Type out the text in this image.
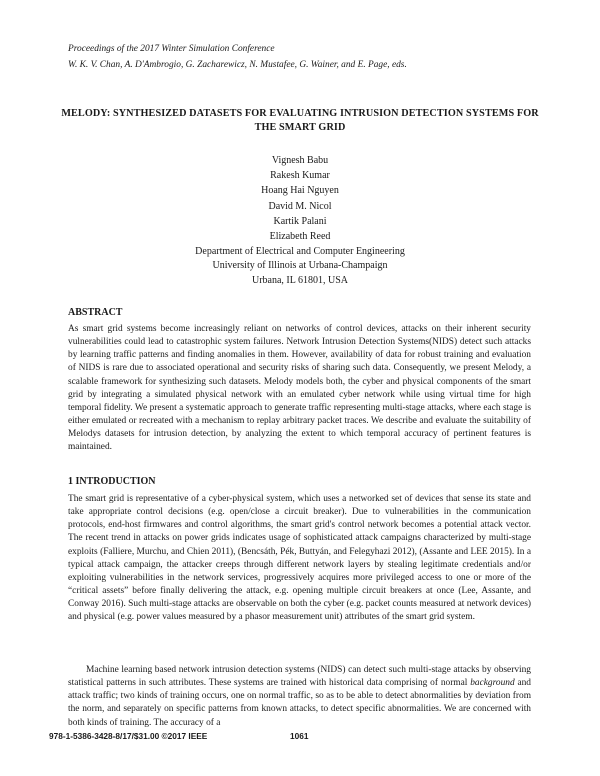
Proceedings of the 2017 Winter Simulation Conference
W. K. V. Chan, A. D'Ambrogio, G. Zacharewicz, N. Mustafee, G. Wainer, and E. Page, eds.
MELODY: SYNTHESIZED DATASETS FOR EVALUATING INTRUSION DETECTION SYSTEMS FOR THE SMART GRID
Vignesh Babu
Rakesh Kumar
Hoang Hai Nguyen
David M. Nicol
Kartik Palani
Elizabeth Reed
Department of Electrical and Computer Engineering
University of Illinois at Urbana-Champaign
Urbana, IL 61801, USA
ABSTRACT

As smart grid systems become increasingly reliant on networks of control devices, attacks on their inherent security vulnerabilities could lead to catastrophic system failures. Network Intrusion Detection Systems(NIDS) detect such attacks by learning traffic patterns and finding anomalies in them. However, availability of data for robust training and evaluation of NIDS is rare due to associated operational and security risks of sharing such data. Consequently, we present Melody, a scalable framework for synthesizing such datasets. Melody models both, the cyber and physical components of the smart grid by integrating a simulated physical network with an emulated cyber network while using virtual time for high temporal fidelity. We present a systematic approach to generate traffic representing multi-stage attacks, where each stage is either emulated or recreated with a mechanism to replay arbitrary packet traces. We describe and evaluate the suitability of Melodys datasets for intrusion detection, by analyzing the extent to which temporal accuracy of pertinent features is maintained.

1 INTRODUCTION

The smart grid is representative of a cyber-physical system, which uses a networked set of devices that sense its state and take appropriate control decisions (e.g. open/close a circuit breaker). Due to vulnerabilities in the communication protocols, end-host firmwares and control algorithms, the smart grid's control network becomes a potential attack vector. The recent trend in attacks on power grids indicates usage of sophisticated attack campaigns characterized by multi-stage exploits (Falliere, Murchu, and Chien 2011), (Bencsáth, Pék, Buttyán, and Felegyhazi 2012), (Assante and LEE 2015). In a typical attack campaign, the attacker creeps through different network layers by stealing legitimate credentials and/or exploiting vulnerabilities in the network services, progressively acquires more privileged access to one or more of the “critical assets” before finally delivering the attack, e.g. opening multiple circuit breakers at once (Lee, Assante, and Conway 2016). Such multi-stage attacks are observable on both the cyber (e.g. packet counts measured at network devices) and physical (e.g. power values measured by a phasor measurement unit) attributes of the smart grid system.

Machine learning based network intrusion detection systems (NIDS) can detect such multi-stage attacks by observing statistical patterns in such attributes. These systems are trained with historical data comprising of normal background and attack traffic; two kinds of training occurs, one on normal traffic, so as to be able to detect abnormalities by deviation from the norm, and separately on specific patterns from known attacks, to detect specific abnormalities. We are concerned with both kinds of training. The accuracy of a

978-1-5386-3428-8/17/$31.00 ©2017 IEEE	1061
